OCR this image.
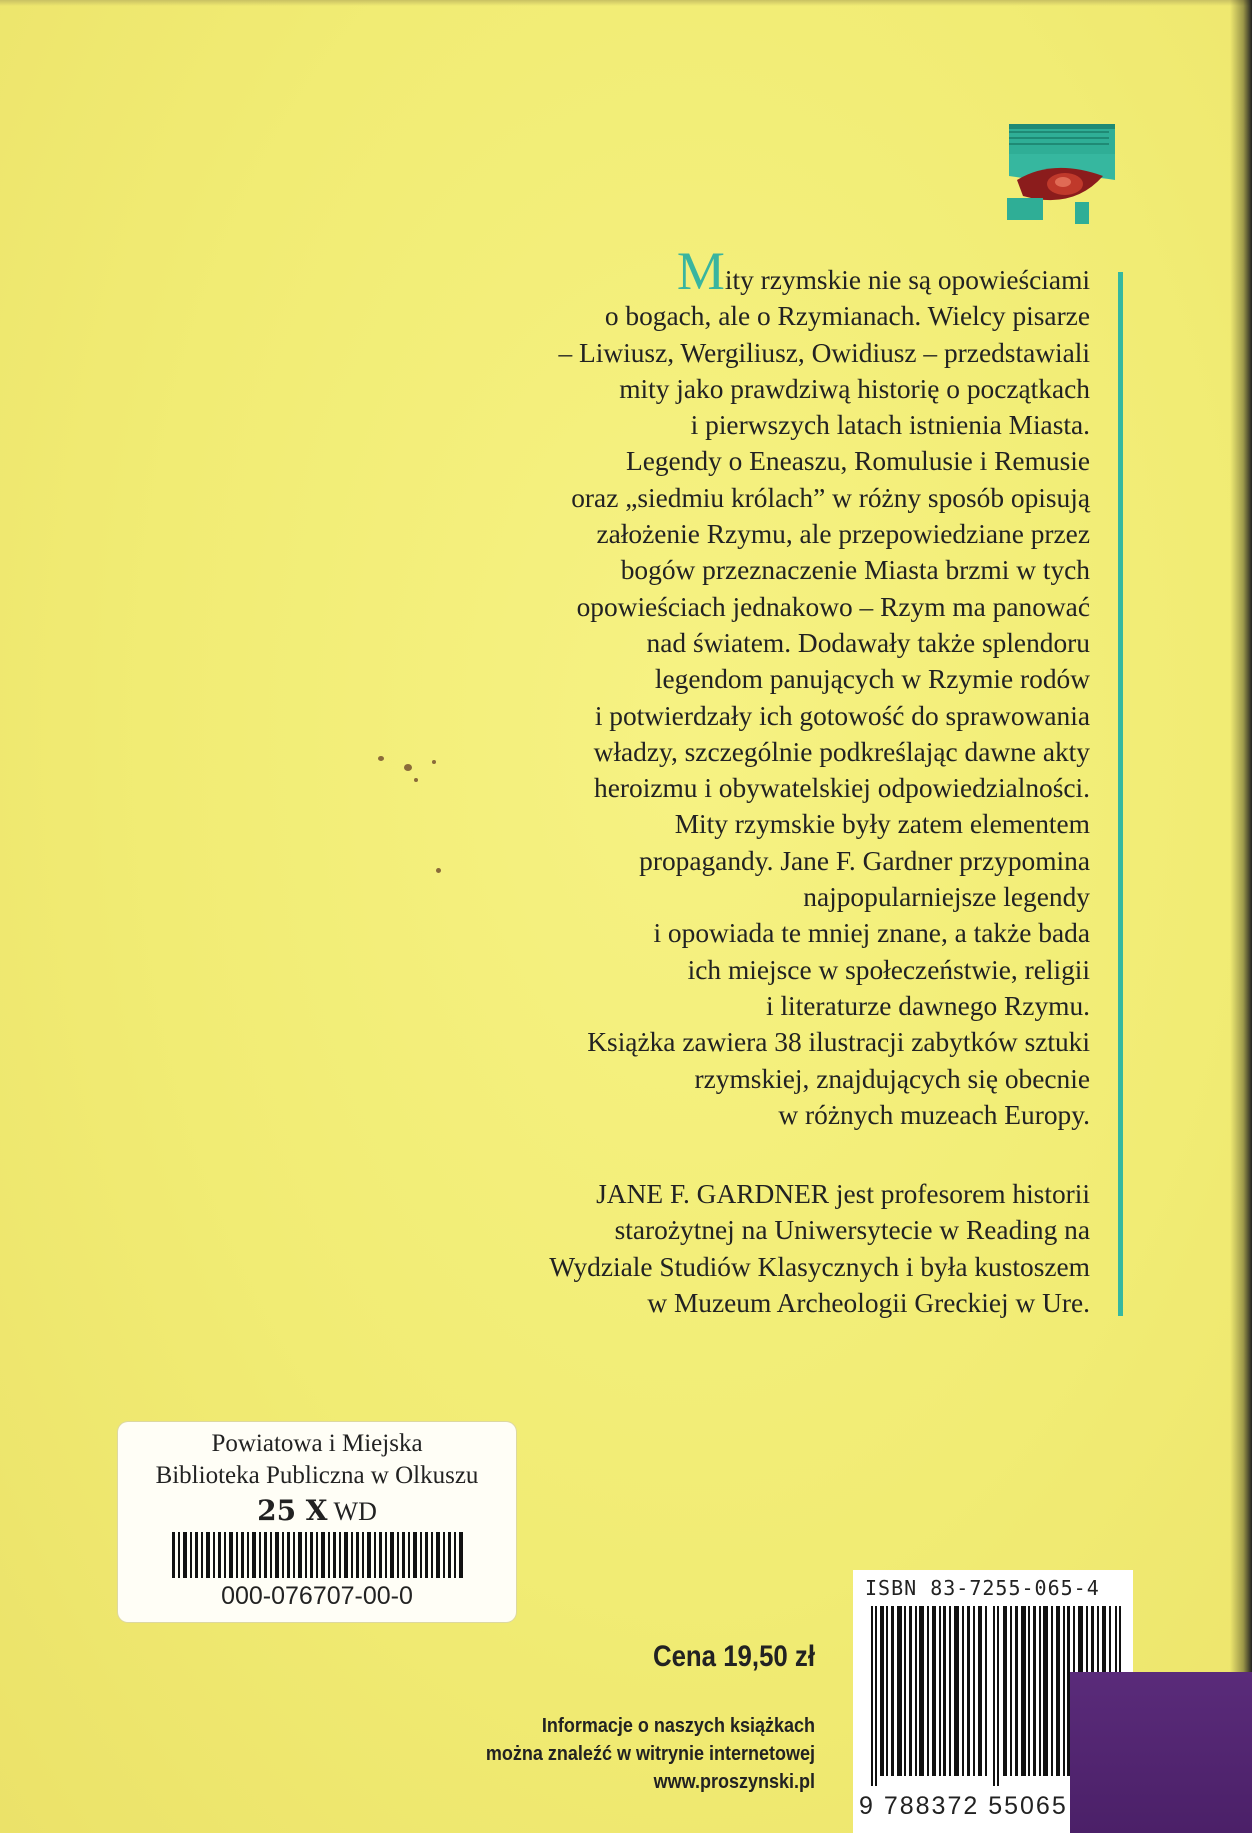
Mity rzymskie nie są opowieściami
o bogach, ale o Rzymianach. Wielcy pisarze
– Liwiusz, Wergiliusz, Owidiusz – przedstawiali
mity jako prawdziwą historię o początkach
i pierwszych latach istnienia Miasta.
Legendy o Eneaszu, Romulusie i Remusie
oraz „siedmiu królach” w różny sposób opisują
założenie Rzymu, ale przepowiedziane przez
bogów przeznaczenie Miasta brzmi w tych
opowieściach jednakowo – Rzym ma panować
nad światem. Dodawały także splendoru
legendom panujących w Rzymie rodów
i potwierdzały ich gotowość do sprawowania
władzy, szczególnie podkreślając dawne akty
heroizmu i obywatelskiej odpowiedzialności.
Mity rzymskie były zatem elementem
propagandy. Jane F. Gardner przypomina
najpopularniejsze legendy
i opowiada te mniej znane, a także bada
ich miejsce w społeczeństwie, religii
i literaturze dawnego Rzymu.
Książka zawiera 38 ilustracji zabytków sztuki
rzymskiej, znajdujących się obecnie
w różnych muzeach Europy.
JANE F. GARDNER jest profesorem historii
starożytnej na Uniwersytecie w Reading na
Wydziale Studiów Klasycznych i była kustoszem
w Muzeum Archeologii Greckiej w Ure.
Powiatowa i Miejska
Biblioteka Publiczna w Olkuszu
25 X WD
000-076707-00-0
Cena 19,50 zł
Informacje o naszych książkach
można znaleźć w witrynie internetowej
www.proszynski.pl
ISBN 83-7255-065-4
9 788372 55065
